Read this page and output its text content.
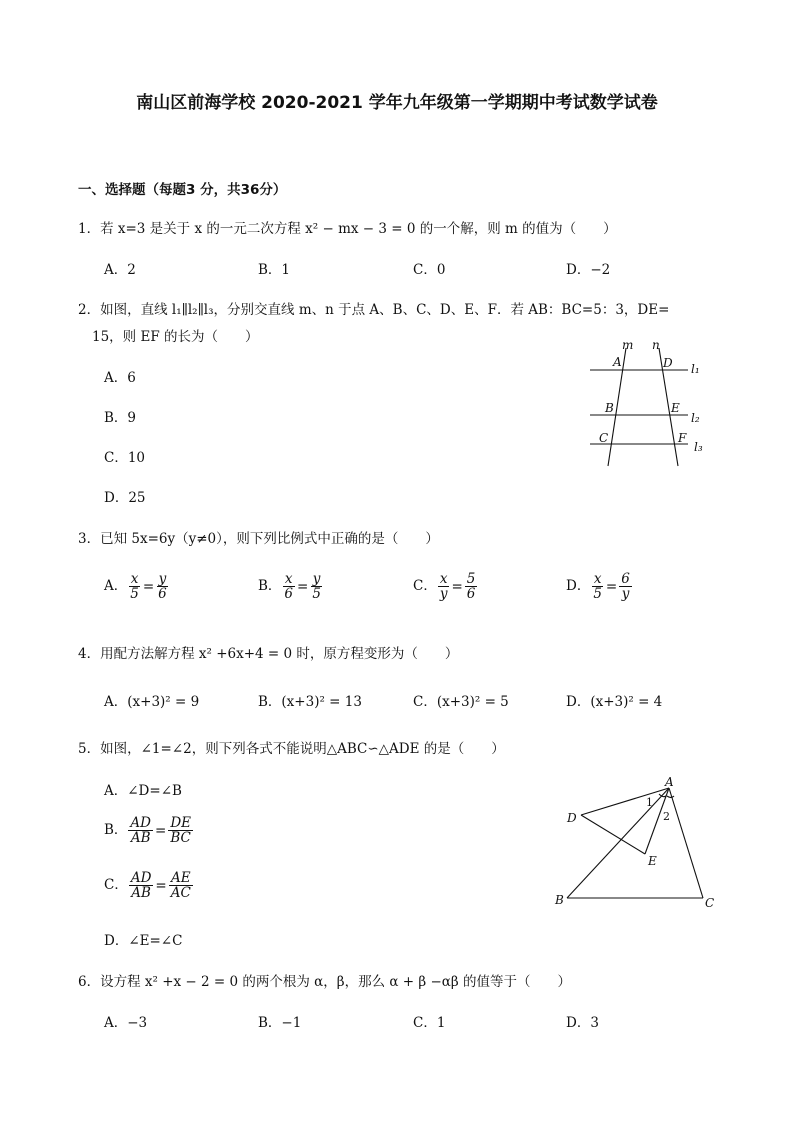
南山区前海学校 2020-2021 学年九年级第一学期期中考试数学试卷
一、选择题（每题3 分，共36分）
1．若 x=3 是关于 x 的一元二次方程 x² − mx − 3 = 0 的一个解，则 m 的值为（　　）
A．2	B．1	C．0	D．−2
2．如图，直线 l₁∥l₂∥l₃，分别交直线 m、n 于点 A、B、C、D、E、F．若 AB：BC=5：3，DE=
15，则 EF 的长为（　　）
A．6
B．9
C．10
D．25
m n
A	D l₁
B	E
l₂
C	F
l₃
3．已知 5x=6y（y≠0），则下列比例式中正确的是（　　）
A． $\frac{x}{5} = \frac{y}{6}$	B． $\frac{x}{6} = \frac{y}{5}$	C． $\frac{x}{y} = \frac{5}{6}$	D． $\frac{x}{5} = \frac{6}{y}$
4．用配方法解方程 x² +6x+4 = 0 时，原方程变形为（　　）
A．(x+3)² = 9	B．(x+3)² = 13	C．(x+3)² = 5	D．(x+3)² = 4
5．如图，∠1=∠2，则下列各式不能说明△ABC∽△ADE 的是（　　）
A．∠D=∠B
B． $\frac{AD}{AB} = \frac{DE}{BC}$
C． $\frac{AD}{AB} = \frac{AE}{AC}$
D．∠E=∠C
A
D
E
B	C
1
2
6．设方程 x² +x − 2 = 0 的两个根为 α，β，那么 α + β −αβ 的值等于（　　）
A．−3	B．−1	C．1	D．3
